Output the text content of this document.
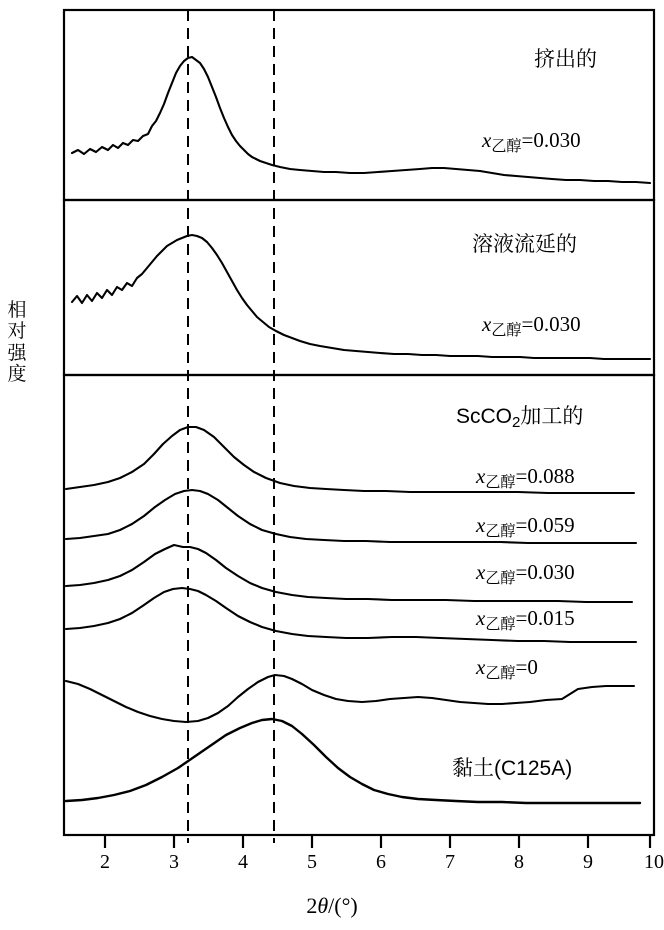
相
对
强
度
2	3	4	5	6	7	8	9	10
2θ/(°)
挤出的
$x_{乙醇}=0.030$
溶液流延的
$x_{乙醇}=0.030$
ScCO$_2$加工的
$x_{乙醇}=0.088$
$x_{乙醇}=0.059$
$x_{乙醇}=0.030$
$x_{乙醇}=0.015$
$x_{乙醇}=0$
黏土(C125A)
